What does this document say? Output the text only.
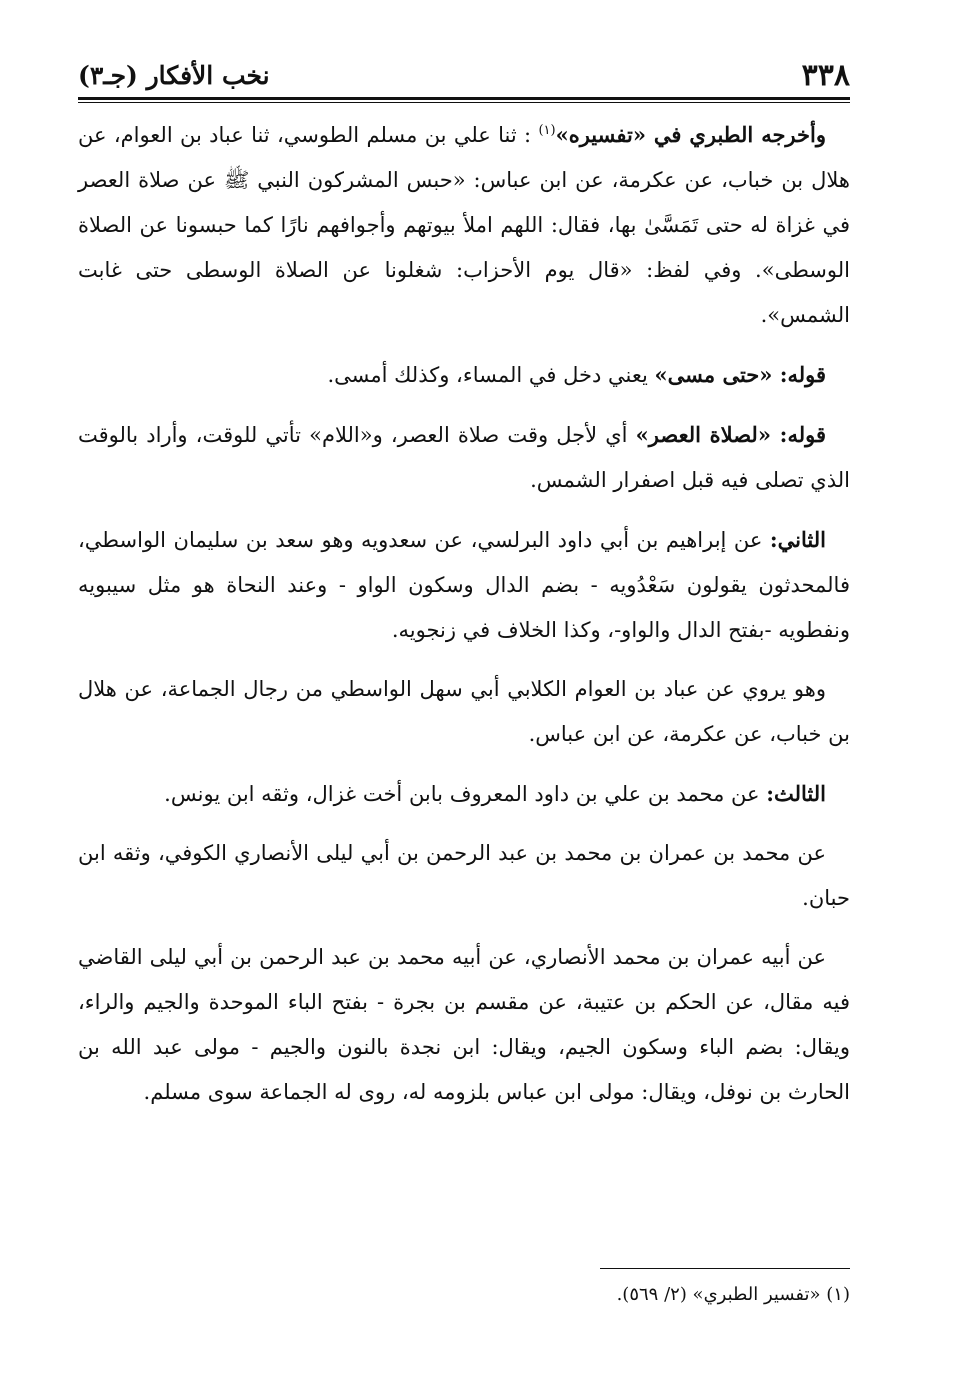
٣٣٨
نخب الأفكار (جـ٣)

وأخرجه الطبري في «تفسيره»$^{(١)}$ : ثنا علي بن مسلم الطوسي، ثنا عباد بن العوام، عن هلال بن خباب، عن عكرمة، عن ابن عباس: «حبس المشركون النبي ﷺ عن صلاة العصر في غزاة له حتى تَمَسَّىٰ بها، فقال: اللهم املأ بيوتهم وأجوافهم نارًا كما حبسونا عن الصلاة الوسطى». وفي لفظ: «قال يوم الأحزاب: شغلونا عن الصلاة الوسطى حتى غابت الشمس».

قوله: «حتى مسى» يعني دخل في المساء، وكذلك أمسى.

قوله: «لصلاة العصر» أي لأجل وقت صلاة العصر، و«اللام» تأتي للوقت، وأراد بالوقت الذي تصلى فيه قبل اصفرار الشمس.

الثاني: عن إبراهيم بن أبي داود البرلسي، عن سعدويه وهو سعد بن سليمان الواسطي، فالمحدثون يقولون سَعْدُويه - بضم الدال وسكون الواو - وعند النحاة هو مثل سيبويه ونفطويه -بفتح الدال والواو-، وكذا الخلاف في زنجويه.

وهو يروي عن عباد بن العوام الكلابي أبي سهل الواسطي من رجال الجماعة، عن هلال بن خباب، عن عكرمة، عن ابن عباس.

الثالث: عن محمد بن علي بن داود المعروف بابن أخت غزال، وثقه ابن يونس.

عن محمد بن عمران بن محمد بن عبد الرحمن بن أبي ليلى الأنصاري الكوفي، وثقه ابن حبان.

عن أبيه عمران بن محمد الأنصاري، عن أبيه محمد بن عبد الرحمن بن أبي ليلى القاضي فيه مقال، عن الحكم بن عتيبة، عن مقسم بن بجرة - بفتح الباء الموحدة والجيم والراء، ويقال: بضم الباء وسكون الجيم، ويقال: ابن نجدة بالنون والجيم - مولى عبد الله بن الحارث بن نوفل، ويقال: مولى ابن عباس بلزومه له، روى له الجماعة سوى مسلم.

(١) «تفسير الطبري» (٢/ ٥٦٩).
